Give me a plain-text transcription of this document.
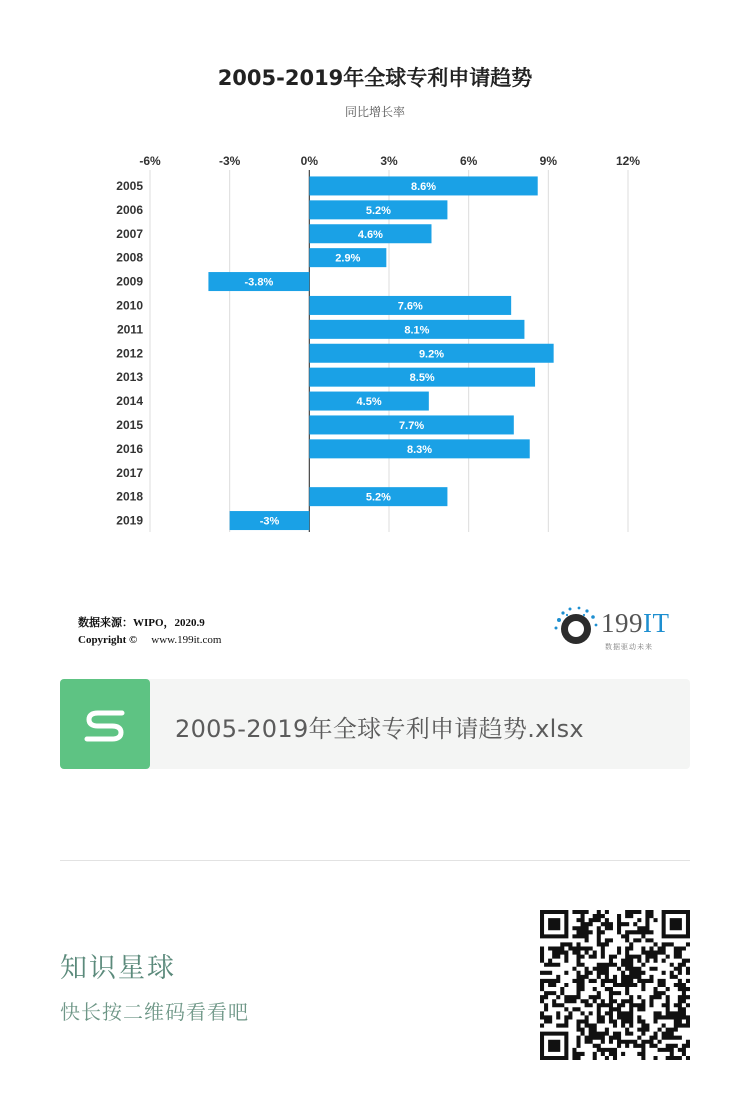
2005-2019年全球专利申请趋势
同比增长率
-6%	-3%	0%	3%	6%	9%	12%
2005	8.6%
2006	5.2%
2007	4.6%
2008	2.9%
2009	-3.8%
2010	7.6%
2011	8.1%
2012	9.2%
2013	8.5%
2014	4.5%
2015	7.7%
2016	8.3%
2017
2018	5.2%
2019	-3%
数据来源：WIPO，2020.9
Copyright © www.199it.com
199IT
数据驱动未来
2005-2019年全球专利申请趋势.xlsx
知识星球
快长按二维码看看吧
